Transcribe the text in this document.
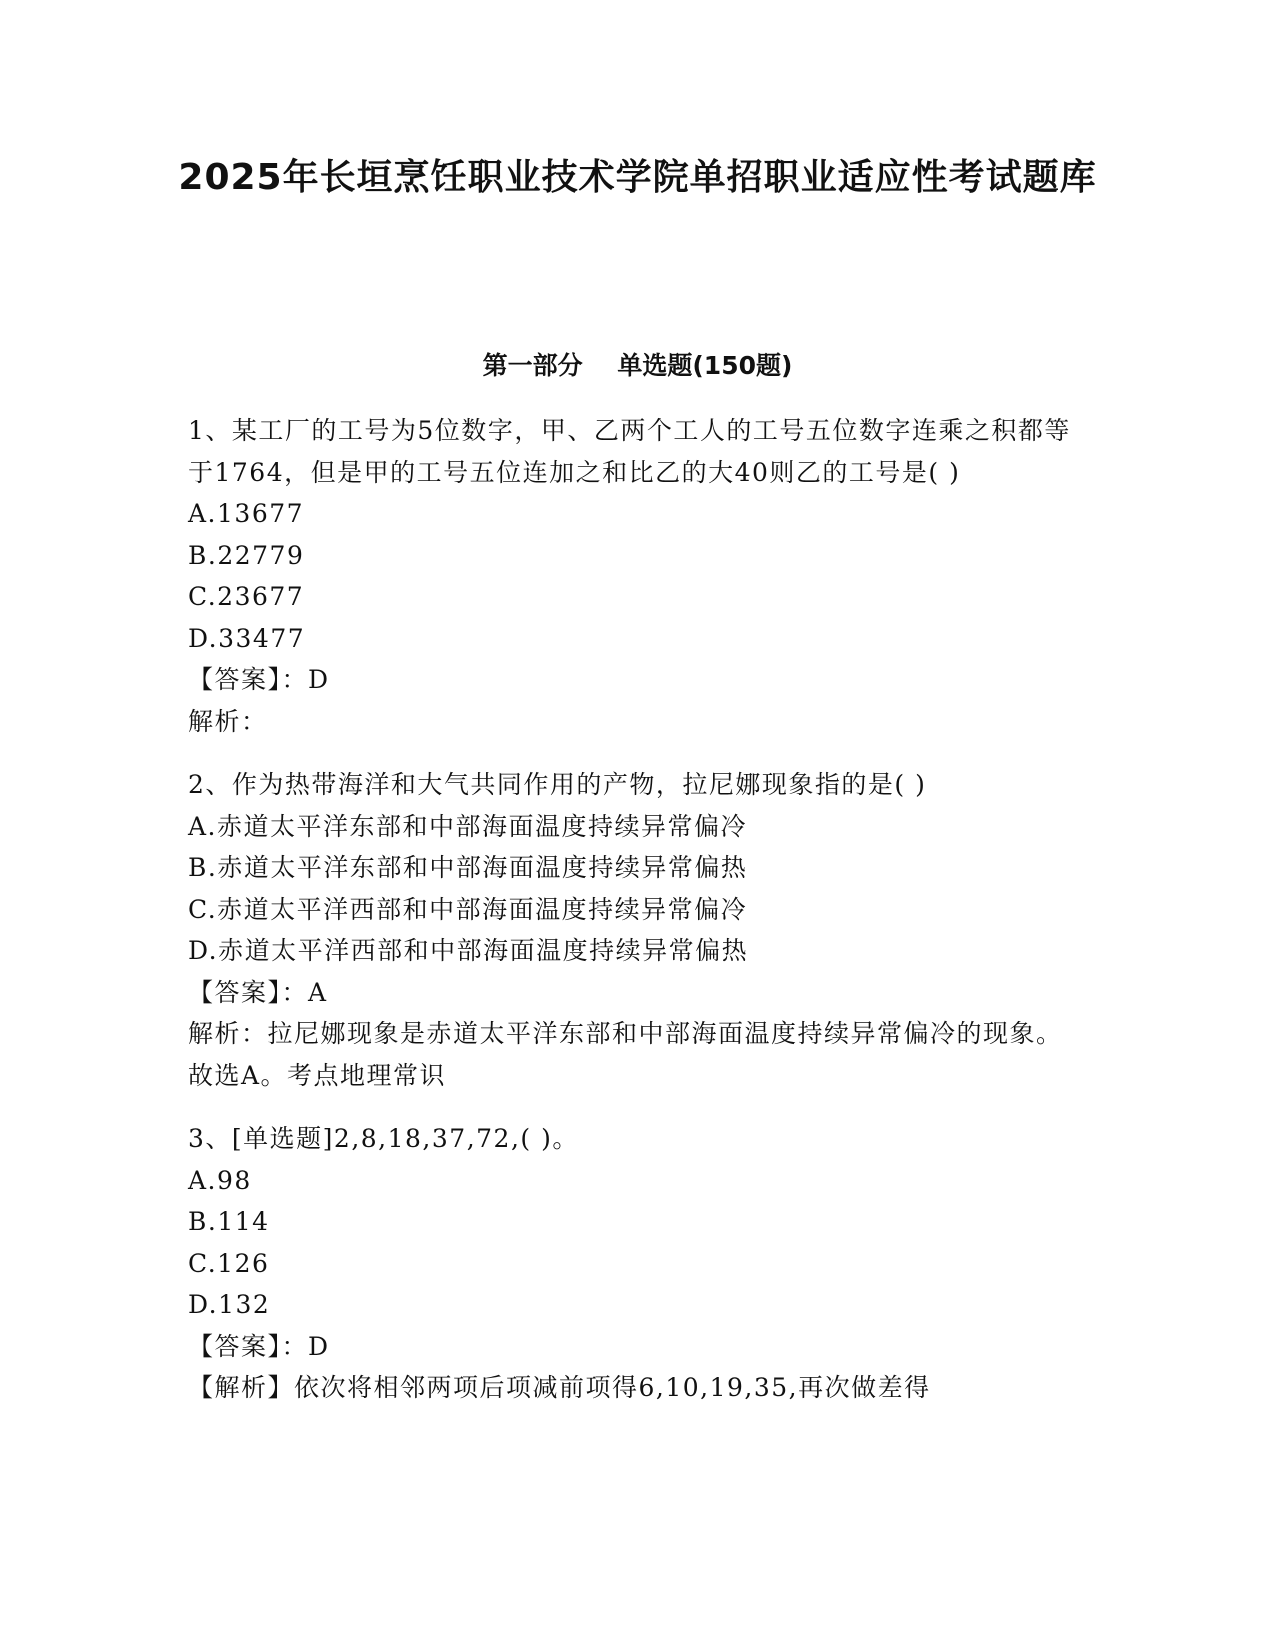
2025年长垣烹饪职业技术学院单招职业适应性考试题库
第一部分    单选题(150题)

1、某工厂的工号为5位数字，甲、乙两个工人的工号五位数字连乘之积都等于1764，但是甲的工号五位连加之和比乙的大40则乙的工号是( )

A.13677

B.22779

C.23677

D.33477

【答案】：D

解析：

2、作为热带海洋和大气共同作用的产物，拉尼娜现象指的是( )

A.赤道太平洋东部和中部海面温度持续异常偏冷

B.赤道太平洋东部和中部海面温度持续异常偏热

C.赤道太平洋西部和中部海面温度持续异常偏冷

D.赤道太平洋西部和中部海面温度持续异常偏热

【答案】：A

解析：拉尼娜现象是赤道太平洋东部和中部海面温度持续异常偏冷的现象。故选A。考点地理常识

3、[单选题]2,8,18,37,72,( )。

A.98

B.114

C.126

D.132

【答案】：D

【解析】依次将相邻两项后项减前项得6,10,19,35,再次做差得
